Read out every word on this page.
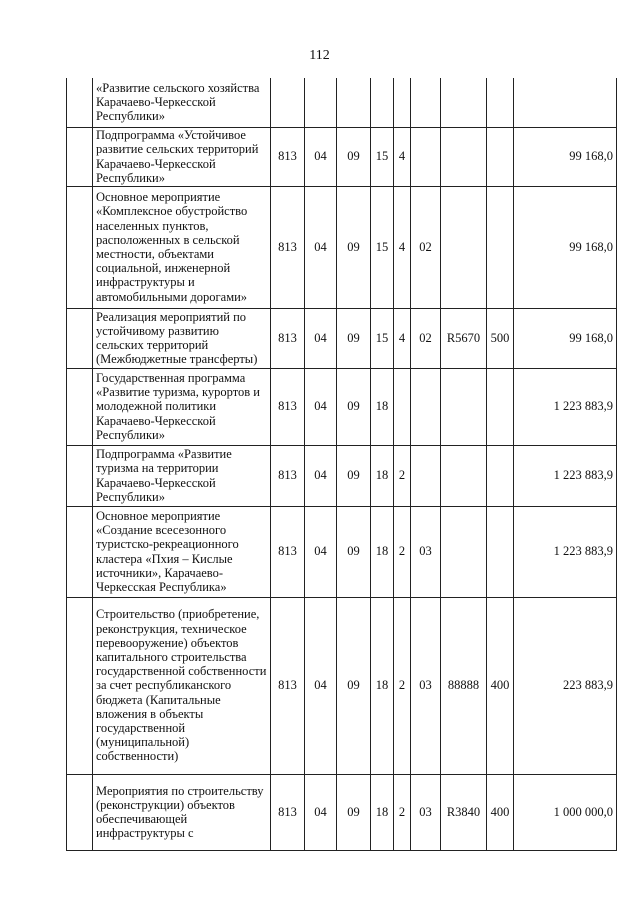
112
	«Развитие сельского хозяйства Карачаево-Черкесской Республики»									
	Подпрограмма «Устойчивое развитие сельских территорий Карачаево-Черкесской Республики»	813	04	09	15	4				99 168,0
	Основное мероприятие «Комплексное обустройство населенных пунктов, расположенных в сельской местности, объектами социальной, инженерной инфраструктуры и автомобильными дорогами»	813	04	09	15	4	02			99 168,0
	Реализация мероприятий по устойчивому развитию сельских территорий (Межбюджетные трансферты)	813	04	09	15	4	02	R5670	500	99 168,0
	Государственная программа «Развитие туризма, курортов и молодежной политики Карачаево-Черкесской Республики»	813	04	09	18					1 223 883,9
	Подпрограмма «Развитие туризма на территории Карачаево-Черкесской Республики»	813	04	09	18	2				1 223 883,9
	Основное мероприятие «Создание всесезонного туристско-рекреационного кластера «Пхия – Кислые источники», Карачаево-Черкесская Республика»	813	04	09	18	2	03			1 223 883,9
	Строительство (приобретение, реконструкция, техническое перевооружение) объектов капитального строительства государственной собственности за счет республиканского бюджета (Капитальные вложения в объекты государственной (муниципальной) собственности)	813	04	09	18	2	03	88888	400	223 883,9
	Мероприятия по строительству (реконструкции) объектов обеспечивающей инфраструктуры с	813	04	09	18	2	03	R3840	400	1 000 000,0
